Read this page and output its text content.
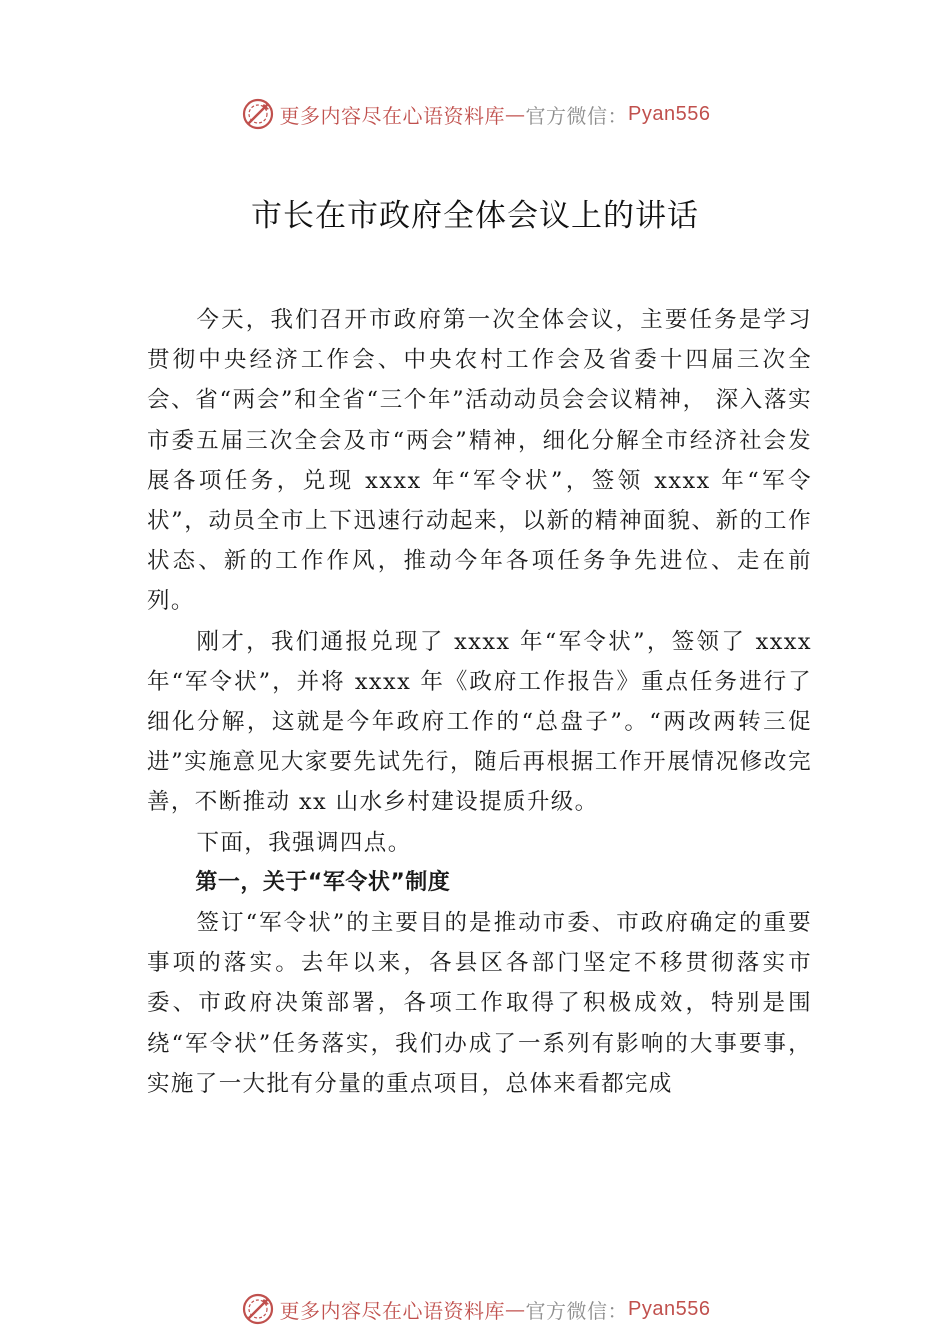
更多内容尽在心语资料库 — 官方微信： Pyan556
市长在市政府全体会议上的讲话

今天，我们召开市政府第一次全体会议，主要任务是学习贯彻中央经济工作会、中央农村工作会及省委十四届三次全会、省“两会”和全省“三个年”活动动员会会议精神， 深入落实市委五届三次全会及市“两会”精神，细化分解全市经济社会发展各项任务，兑现 xxxx 年“军令状”，签领 xxxx 年“军令状”，动员全市上下迅速行动起来，以新的精神面貌、新的工作状态、新的工作作风，推动今年各项任务争先进位、走在前列。

刚才，我们通报兑现了 xxxx 年“军令状”，签领了 xxxx 年“军令状”，并将 xxxx 年《政府工作报告》重点任务进行了细化分解，这就是今年政府工作的“总盘子”。“两改两转三促进”实施意见大家要先试先行，随后再根据工作开展情况修改完善，不断推动 xx 山水乡村建设提质升级。

下面，我强调四点。

第一，关于“军令状”制度

签订“军令状”的主要目的是推动市委、市政府确定的重要事项的落实。去年以来，各县区各部门坚定不移贯彻落实市委、市政府决策部署，各项工作取得了积极成效，特别是围绕“军令状”任务落实，我们办成了一系列有影响的大事要事，实施了一大批有分量的重点项目，总体来看都完成

更多内容尽在心语资料库 — 官方微信： Pyan556
